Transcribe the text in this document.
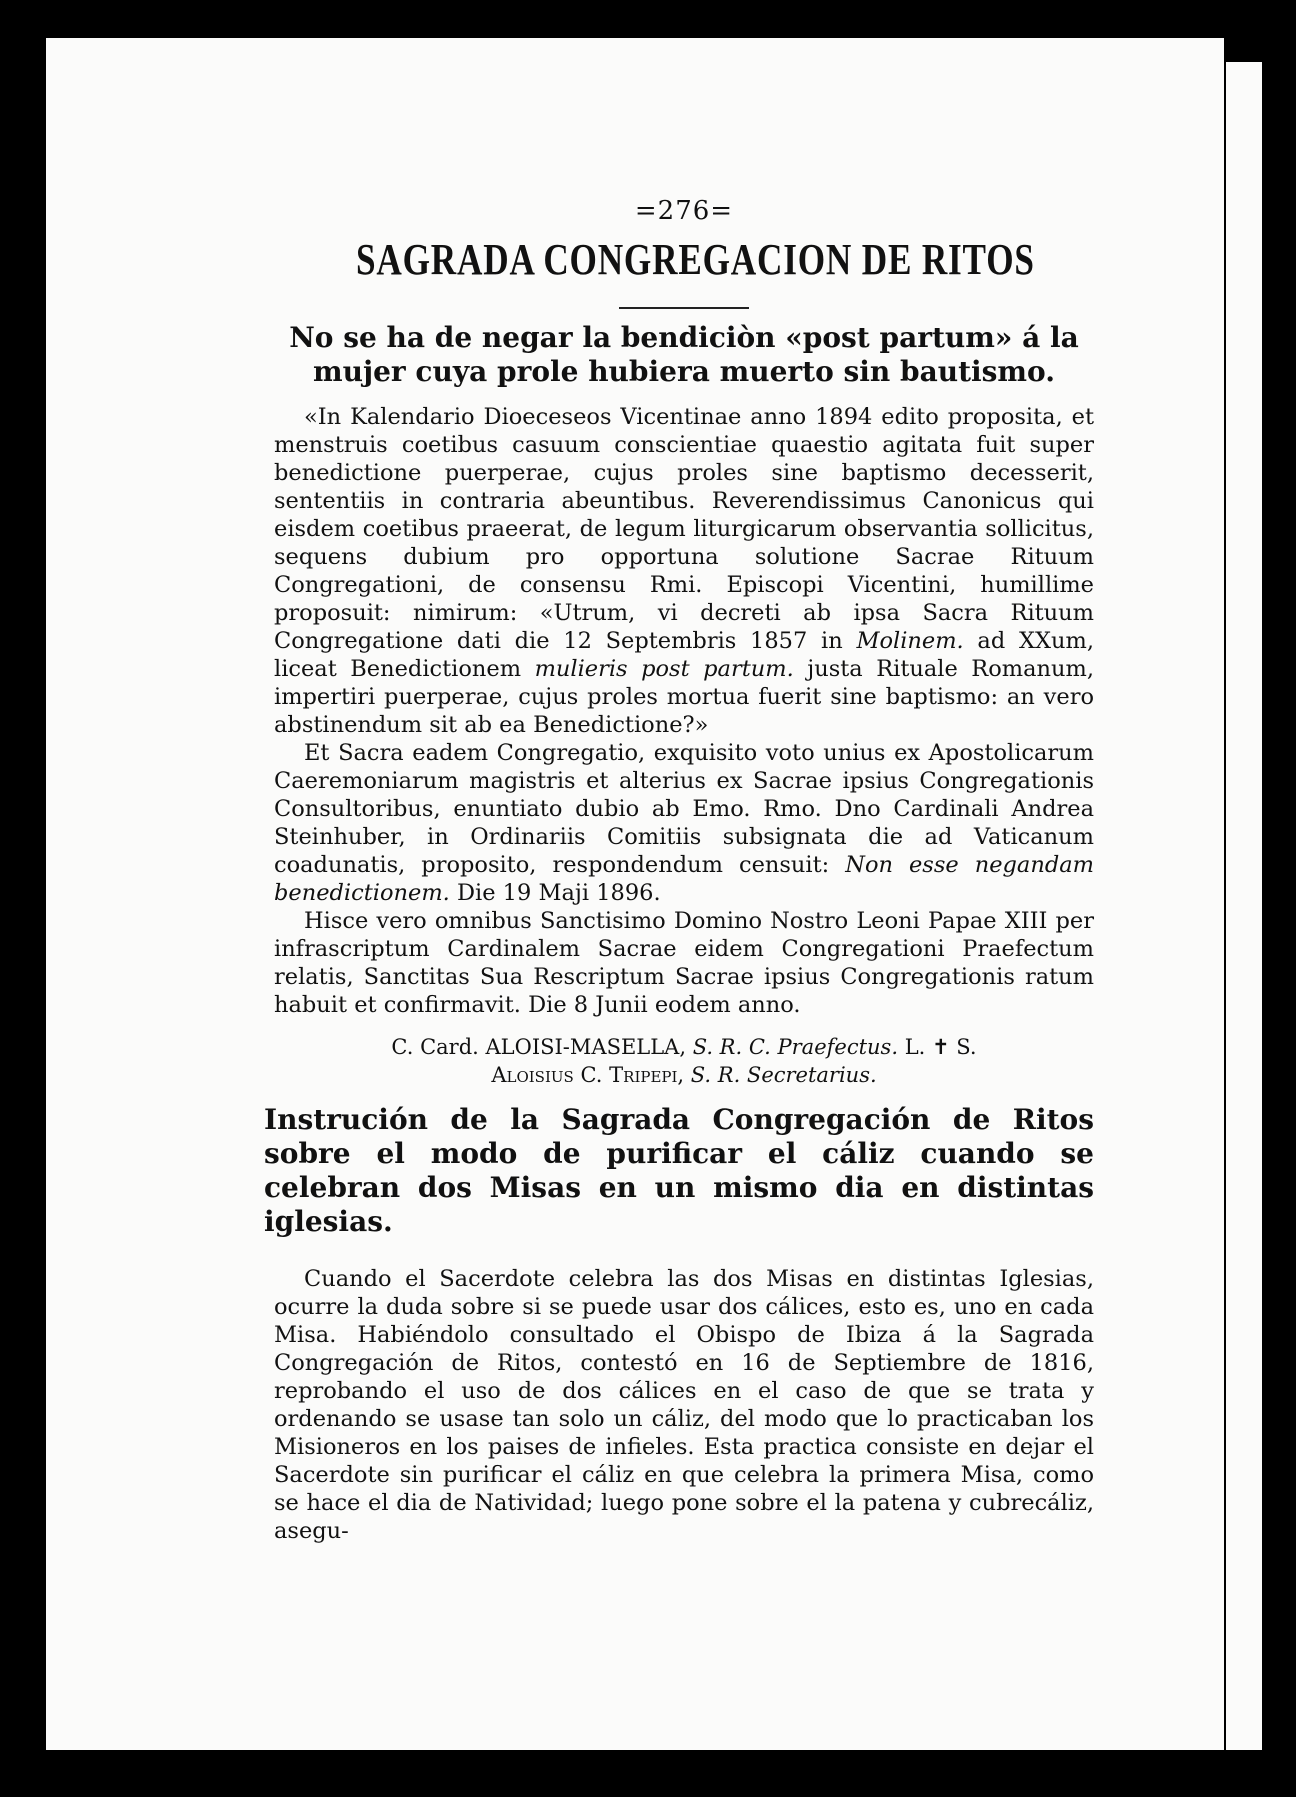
=276=
SAGRADA CONGREGACION DE RITOS
No se ha de negar la bendiciòn «post partum» á la mujer cuya prole hubiera muerto sin bautismo.

«In Kalendario Dioeceseos Vicentinae anno 1894 edito proposita, et menstruis coetibus casuum conscientiae quaestio agitata fuit super benedictione puerperae, cujus proles sine baptismo decesserit, sententiis in contraria abeuntibus. Reverendissimus Canonicus qui eisdem coetibus praeerat, de legum liturgicarum observantia sollicitus, sequens dubium pro opportuna solutione Sacrae Rituum Congregationi, de consensu Rmi. Episcopi Vicentini, humillime proposuit: nimirum: «Utrum, vi decreti ab ipsa Sacra Rituum Congregatione dati die 12 Septembris 1857 in Molinem. ad XXum, liceat Benedictionem mulieris post partum. justa Rituale Romanum, impertiri puerperae, cujus proles mortua fuerit sine baptismo: an vero abstinendum sit ab ea Benedictione?»

Et Sacra eadem Congregatio, exquisito voto unius ex Apostolicarum Caeremoniarum magistris et alterius ex Sacrae ipsius Congregationis Consultoribus, enuntiato dubio ab Emo. Rmo. Dno Cardinali Andrea Steinhuber, in Ordinariis Comitiis subsignata die ad Vaticanum coadunatis, proposito, respondendum censuit: Non esse negandam benedictionem. Die 19 Maji 1896.

Hisce vero omnibus Sanctisimo Domino Nostro Leoni Papae XIII per infrascriptum Cardinalem Sacrae eidem Congregationi Praefectum relatis, Sanctitas Sua Rescriptum Sacrae ipsius Congregationis ratum habuit et confirmavit. Die 8 Junii eodem anno.

C. Card. ALOISI-MASELLA, S. R. C. Praefectus. L. ✝ S.

Aloisius C. Tripepi, S. R. Secretarius.

Instrución de la Sagrada Congregación de Ritos sobre el modo de purificar el cáliz cuando se celebran dos Misas en un mismo dia en distintas iglesias.

Cuando el Sacerdote celebra las dos Misas en distintas Iglesias, ocurre la duda sobre si se puede usar dos cálices, esto es, uno en cada Misa. Habiéndolo consultado el Obispo de Ibiza á la Sagrada Congregación de Ritos, contestó en 16 de Septiembre de 1816, reprobando el uso de dos cálices en el caso de que se trata y ordenando se usase tan solo un cáliz, del modo que lo practicaban los Misioneros en los paises de infieles. Esta practica consiste en dejar el Sacerdote sin purificar el cáliz en que celebra la primera Misa, como se hace el dia de Natividad; luego pone sobre el la patena y cubrecáliz, asegu-
